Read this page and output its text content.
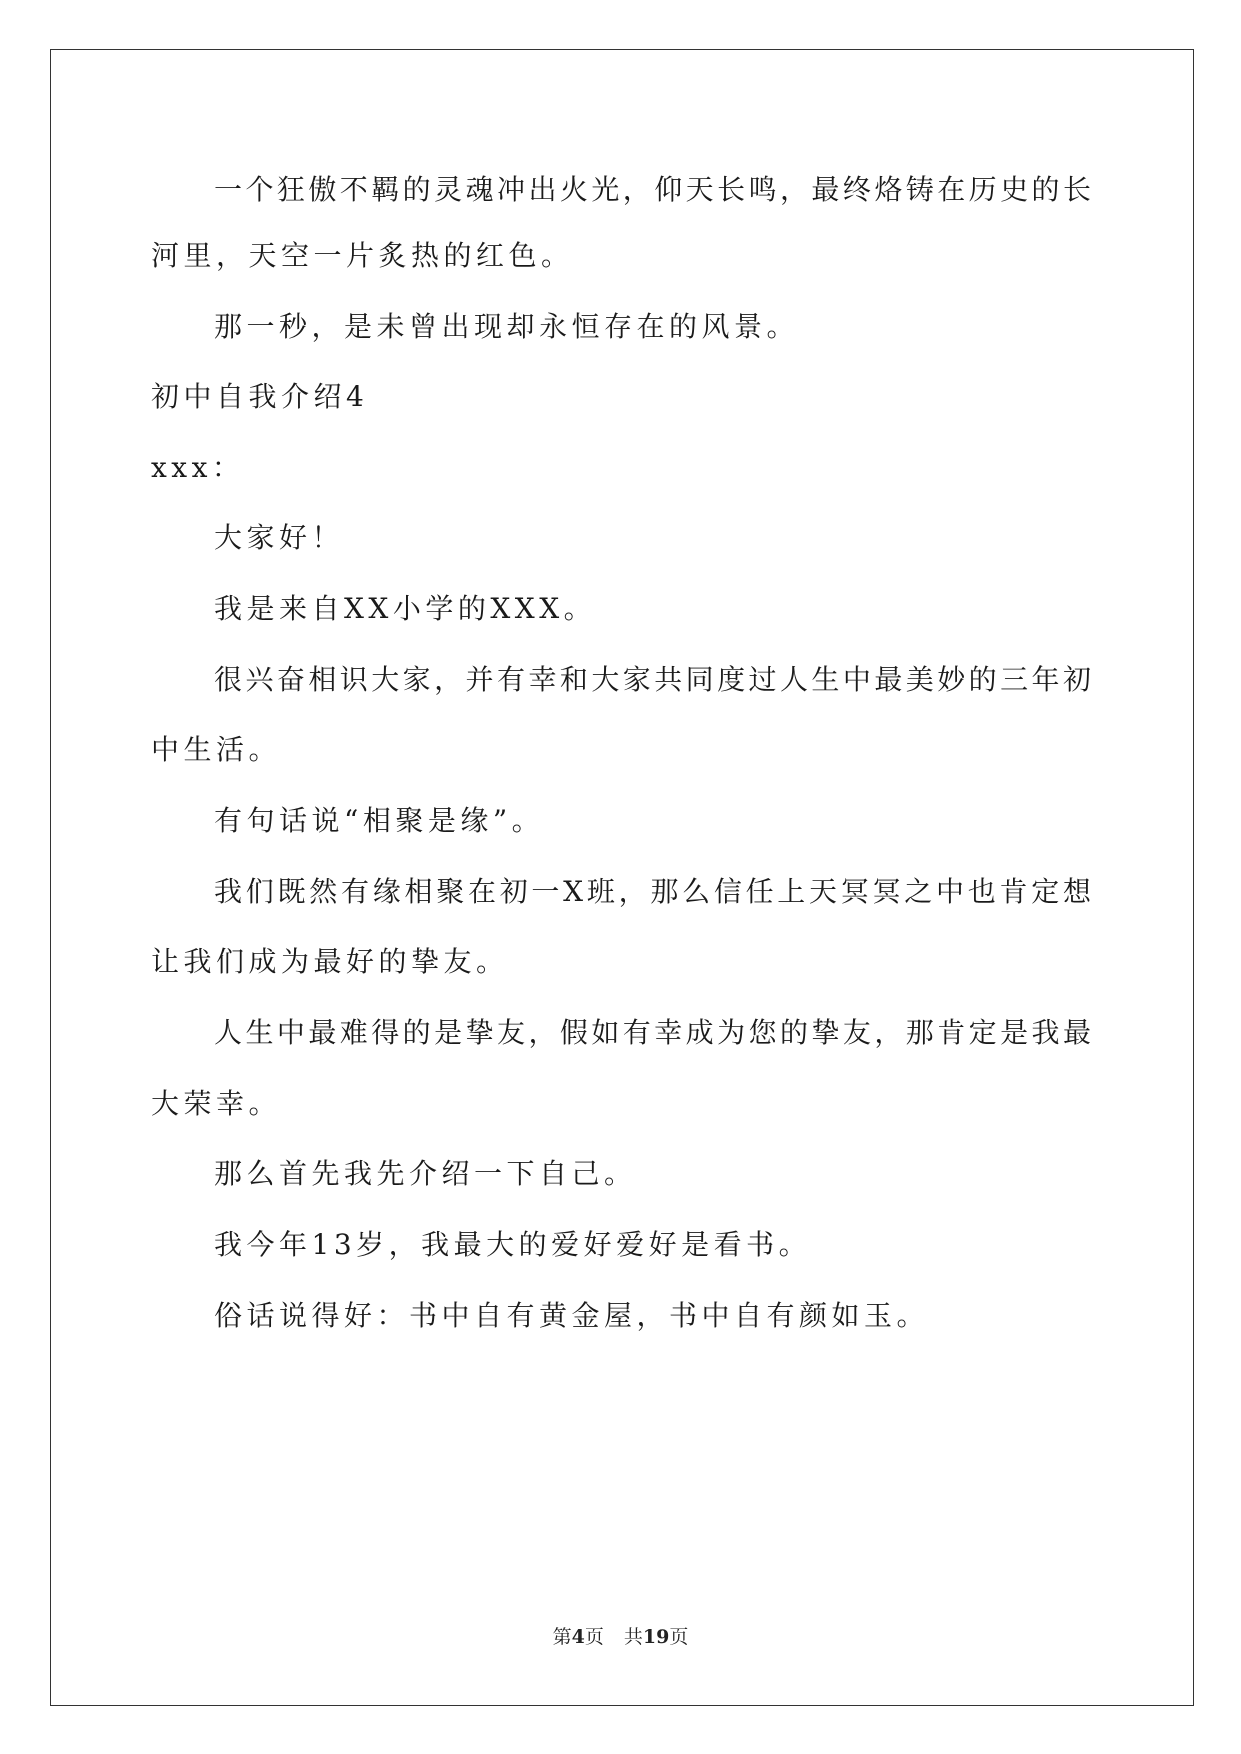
一个狂傲不羁的灵魂冲出火光，仰天长鸣，最终烙铸在历史的长
河里，天空一片炙热的红色。
那一秒，是未曾出现却永恒存在的风景。
初中自我介绍4
xxx：
大家好！
我是来自XX小学的XXX。
很兴奋相识大家，并有幸和大家共同度过人生中最美妙的三年初
中生活。
有句话说“相聚是缘”。
我们既然有缘相聚在初一X班，那么信任上天冥冥之中也肯定想
让我们成为最好的挚友。
人生中最难得的是挚友，假如有幸成为您的挚友，那肯定是我最
大荣幸。
那么首先我先介绍一下自己。
我今年13岁，我最大的爱好爱好是看书。
俗话说得好：书中自有黄金屋，书中自有颜如玉。
第4页 共19页
